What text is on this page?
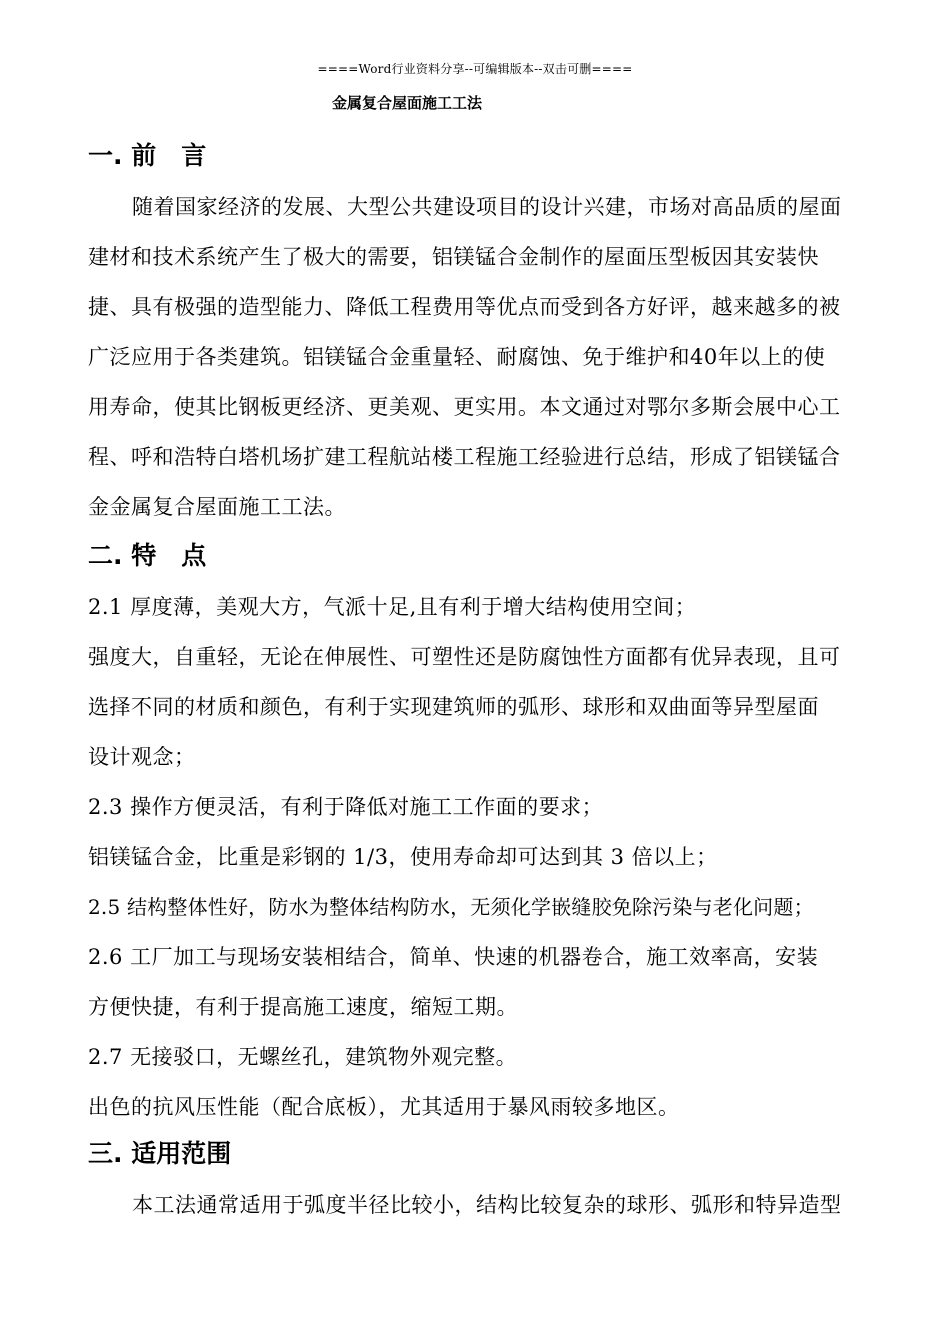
====Word行业资料分享--可编辑版本--双击可删====
金属复合屋面施工工法
一. 前　言
随着国家经济的发展、大型公共建设项目的设计兴建，市场对高品质的屋面
建材和技术系统产生了极大的需要，铝镁锰合金制作的屋面压型板因其安装快
捷、具有极强的造型能力、降低工程费用等优点而受到各方好评，越来越多的被
广泛应用于各类建筑。铝镁锰合金重量轻、耐腐蚀、免于维护和40年以上的使
用寿命，使其比钢板更经济、更美观、更实用。本文通过对鄂尔多斯会展中心工
程、呼和浩特白塔机场扩建工程航站楼工程施工经验进行总结，形成了铝镁锰合
金金属复合屋面施工工法。
二. 特　点
2.1 厚度薄，美观大方，气派十足,且有利于增大结构使用空间；
强度大，自重轻，无论在伸展性、可塑性还是防腐蚀性方面都有优异表现，且可
选择不同的材质和颜色，有利于实现建筑师的弧形、球形和双曲面等异型屋面
设计观念；
2.3 操作方便灵活，有利于降低对施工工作面的要求；
铝镁锰合金，比重是彩钢的 1/3，使用寿命却可达到其 3 倍以上；
2.5 结构整体性好，防水为整体结构防水，无须化学嵌缝胶免除污染与老化问题；
2.6 工厂加工与现场安装相结合，简单、快速的机器卷合，施工效率高，安装
方便快捷，有利于提高施工速度，缩短工期。
2.7 无接驳口，无螺丝孔，建筑物外观完整。
出色的抗风压性能（配合底板），尤其适用于暴风雨较多地区。
三. 适用范围
本工法通常适用于弧度半径比较小，结构比较复杂的球形、弧形和特异造型
